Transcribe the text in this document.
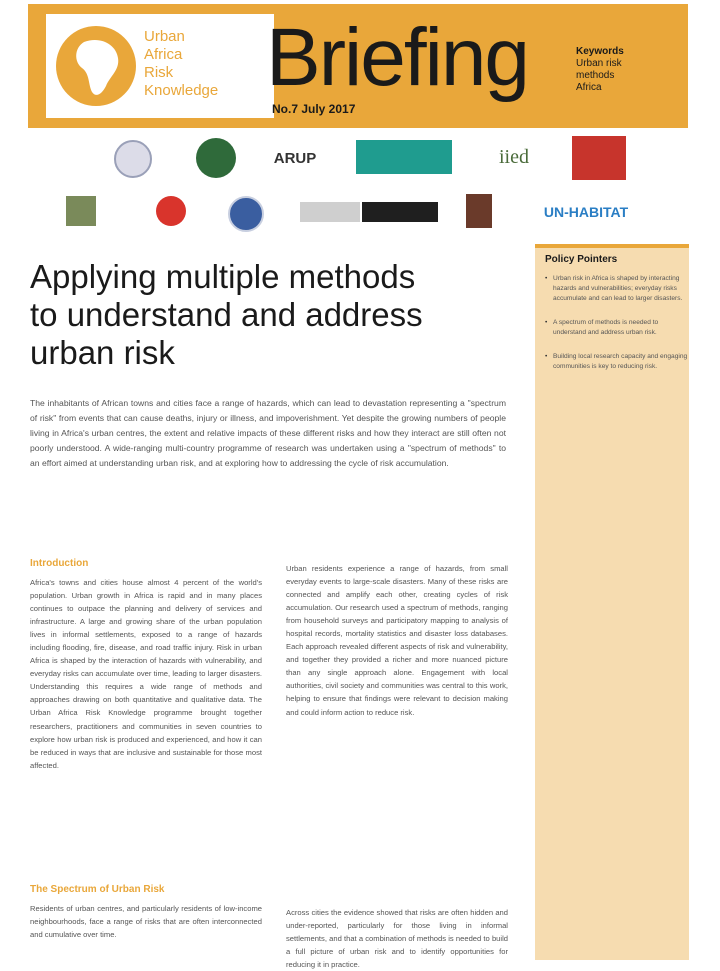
Urban
Africa
Risk
Knowledge Briefing
No.7 July 2017
Keywords
Urban risk
methods
Africa
ARUP	iied
UN-HABITAT
Applying multiple methods
to understand and address
urban risk
The inhabitants of African towns and cities face a range of hazards, which can lead to devastation representing a "spectrum of risk" from events that can cause deaths, injury or illness, and impoverishment. Yet despite the growing numbers of people living in Africa's urban centres, the extent and relative impacts of these different risks and how they interact are still often not poorly understood. A wide-ranging multi-country programme of research was undertaken using a "spectrum of methods" to an effort aimed at understanding urban risk, and at exploring how to addressing the cycle of risk accumulation.
Introduction
Africa's towns and cities house almost 4 percent of the world's population. Urban growth in Africa is rapid and in many places continues to outpace the planning and delivery of services and infrastructure. A large and growing share of the urban population lives in informal settlements, exposed to a range of hazards including flooding, fire, disease, and road traffic injury. Risk in urban Africa is shaped by the interaction of hazards with vulnerability, and everyday risks can accumulate over time, leading to larger disasters. Understanding this requires a wide range of methods and approaches drawing on both quantitative and qualitative data. The Urban Africa Risk Knowledge programme brought together researchers, practitioners and communities in seven countries to explore how urban risk is produced and experienced, and how it can be reduced in ways that are inclusive and sustainable for those most affected.
The Spectrum of Urban Risk
Residents of urban centres, and particularly residents of low-income neighbourhoods, face a range of risks that are often interconnected and cumulative over time.
Urban residents experience a range of hazards, from small everyday events to large-scale disasters. Many of these risks are connected and amplify each other, creating cycles of risk accumulation. Our research used a spectrum of methods, ranging from household surveys and participatory mapping to analysis of hospital records, mortality statistics and disaster loss databases. Each approach revealed different aspects of risk and vulnerability, and together they provided a richer and more nuanced picture than any single approach alone. Engagement with local authorities, civil society and communities was central to this work, helping to ensure that findings were relevant to decision making and could inform action to reduce risk.
Across cities the evidence showed that risks are often hidden and under-reported, particularly for those living in informal settlements, and that a combination of methods is needed to build a full picture of urban risk and to identify opportunities for reducing it in practice.
Policy Pointers
• Urban risk in Africa is shaped by interacting hazards and vulnerabilities; everyday risks accumulate and can lead to larger disasters.
• A spectrum of methods is needed to understand and address urban risk.
• Building local research capacity and engaging communities is key to reducing risk.
